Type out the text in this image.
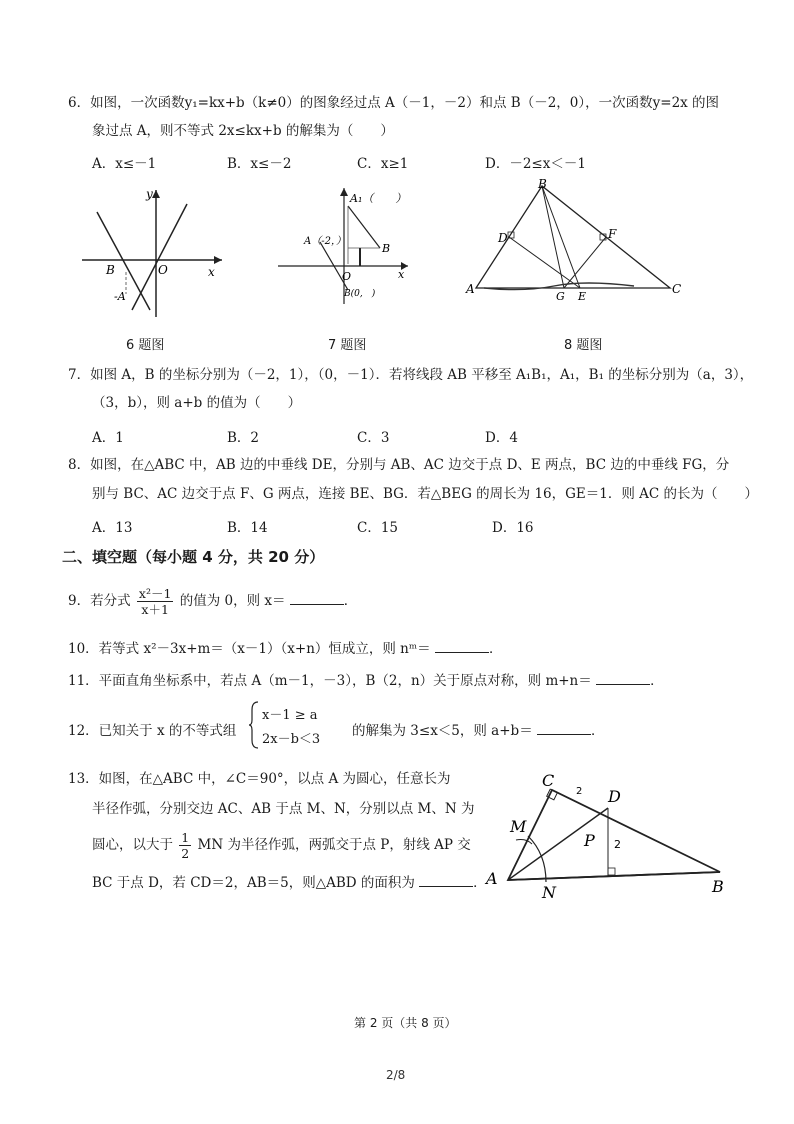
6．如图，一次函数y₁=kx+b（k≠0）的图象经过点 A（－1，－2）和点 B（－2，0），一次函数y=2x 的图
象过点 A，则不等式 2x≤kx+b 的解集为（　　）
A．x≤－1	B．x≤－2	C．x≥1	D．－2≤x＜－1
y
x
B	O
-A
6 题图
A₁（　　）
A（-2，）
B
O	x
B(0,　)
7 题图
B
D	F
A	C
G E
8 题图
7．如图 A，B 的坐标分别为（－2，1），（0，－1）．若将线段 AB 平移至 A₁B₁，A₁，B₁ 的坐标分别为（a，3），
（3，b），则 a+b 的值为（　　）
A．1	B．2	C．3	D．4
8．如图，在△ABC 中，AB 边的中垂线 DE，分别与 AB、AC 边交于点 D、E 两点，BC 边的中垂线 FG，分
别与 BC、AC 边交于点 F、G 两点，连接 BE、BG．若△BEG 的周长为 16，GE＝1．则 AC 的长为（　　）
A．13	B．14	C．15	D．16
二、填空题（每小题 4 分，共 20 分）
9．若分式 $\frac{\text{x²－1}}{x+1}$ 的值为 0，则 x＝	．
10．若等式 x²－3x+m＝（x－1）（x+n）恒成立，则 nᵐ＝	．
11．平面直角坐标系中，若点 A（m－1，－3），B（2，n）关于原点对称，则 m+n＝	．
12．已知关于 x 的不等式组
x－1 ≥ a
2x－b＜3
的解集为 3≤x＜5，则 a+b＝	．
13．如图，在△ABC 中，∠C＝90°，以点 A 为圆心，任意长为
半径作弧，分别交边 AC、AB 于点 M、N，分别以点 M、N 为
圆心，以大于 $\frac{1}{2}$ MN 为半径作弧，两弧交于点 P，射线 AP 交
BC 于点 D，若 CD＝2，AB＝5，则△ABD 的面积为	．
C
D
M
P
A
N	B
2
2
第 2 页（共 8 页）
2/8
